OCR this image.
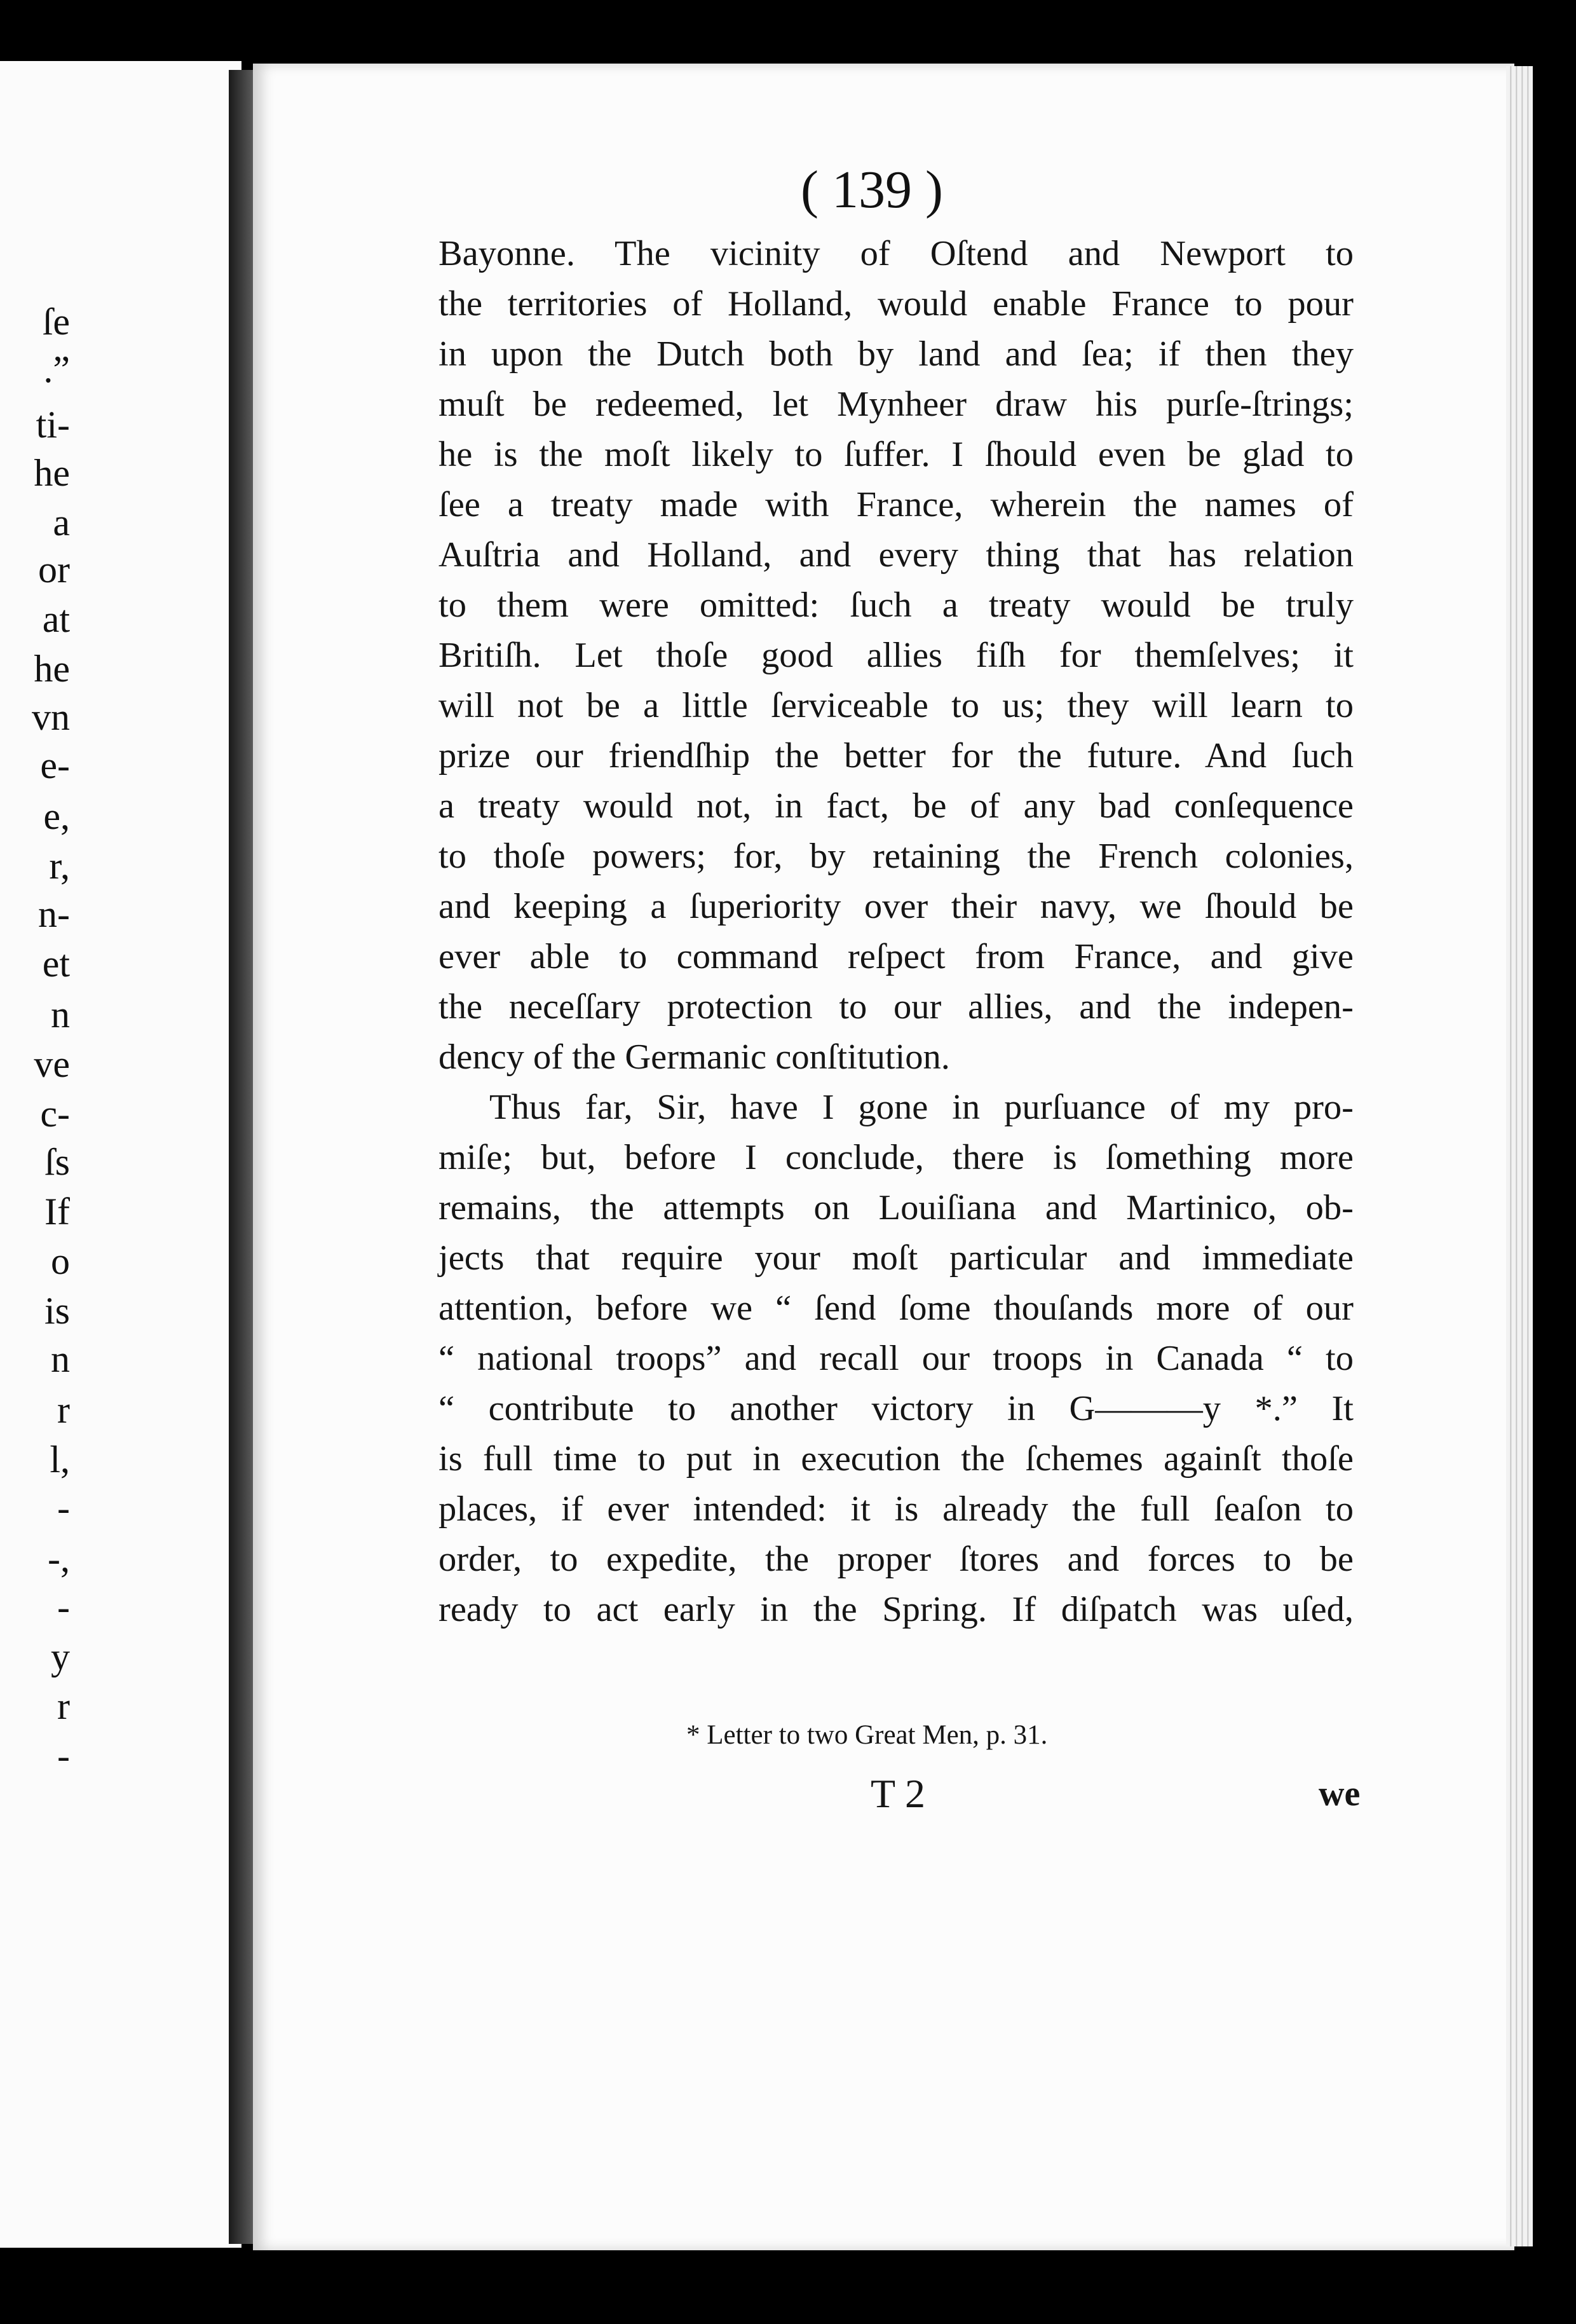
ſe
.”
ti-
he
a
or
at
he
vn
e-
e,
r,
n-
et
n
ve
c-
ſs
If
o
is
n
r
l,
-
-,
-
y
r
-
( 139 )
Bayonne. The vicinity of Oſtend and Newport to
the territories of Holland, would enable France to pour
in upon the Dutch both by land and ſea; if then they
muſt be redeemed, let Mynheer draw his purſe-ſtrings;
he is the moſt likely to ſuffer. I ſhould even be glad to
ſee a treaty made with France, wherein the names of
Auſtria and Holland, and every thing that has relation
to them were omitted: ſuch a treaty would be truly
Britiſh. Let thoſe good allies fiſh for themſelves; it
will not be a little ſerviceable to us; they will learn to
prize our friendſhip the better for the future. And ſuch
a treaty would not, in fact, be of any bad conſequence
to thoſe powers; for, by retaining the French colonies,
and keeping a ſuperiority over their navy, we ſhould be
ever able to command reſpect from France, and give
the neceſſary protection to our allies, and the indepen-
dency of the Germanic conſtitution.
Thus far, Sir, have I gone in purſuance of my pro-
miſe; but, before I conclude, there is ſomething more
remains, the attempts on Louiſiana and Martinico, ob-
jects that require your moſt particular and immediate
attention, before we “ ſend ſome thouſands more of our
“ national troops” and recall our troops in Canada “ to
“ contribute to another victory in G———y *.” It
is full time to put in execution the ſchemes againſt thoſe
places, if ever intended: it is already the full ſeaſon to
order, to expedite, the proper ſtores and forces to be
ready to act early in the Spring. If diſpatch was uſed,
* Letter to two Great Men, p. 31.
T 2	we
